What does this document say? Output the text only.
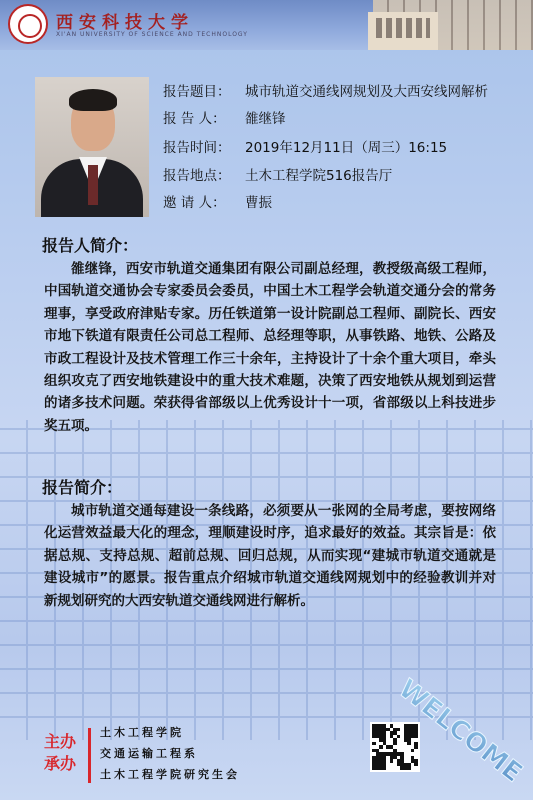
西安科技大学
XI'AN UNIVERSITY OF SCIENCE AND TECHNOLOGY
报告题目： 城市轨道交通线网规划及大西安线网解析
报 告 人： 雒继锋
报告时间： 2019年12月11日（周三）16:15
报告地点： 土木工程学院516报告厅
邀 请 人： 曹振
报告人简介：
雒继锋，西安市轨道交通集团有限公司副总经理，教授级高级工程师，中国轨道交通协会专家委员会委员，中国土木工程学会轨道交通分会的常务理事，享受政府津贴专家。历任铁道第一设计院副总工程师、副院长、西安市地下铁道有限责任公司总工程师、总经理等职，从事铁路、地铁、公路及市政工程设计及技术管理工作三十余年，主持设计了十余个重大项目，牵头组织攻克了西安地铁建设中的重大技术难题，决策了西安地铁从规划到运营的诸多技术问题。荣获得省部级以上优秀设计十一项，省部级以上科技进步奖五项。
报告简介：
城市轨道交通每建设一条线路，必须要从一张网的全局考虑，要按网络化运营效益最大化的理念，理顺建设时序，追求最好的效益。其宗旨是：依据总规、支持总规、超前总规、回归总规，从而实现“建城市轨道交通就是建设城市”的愿景。报告重点介绍城市轨道交通线网规划中的经验教训并对新规划研究的大西安轨道交通线网进行解析。
主办
承办
土木工程学院
交通运输工程系
土木工程学院研究生会	WELCOME
